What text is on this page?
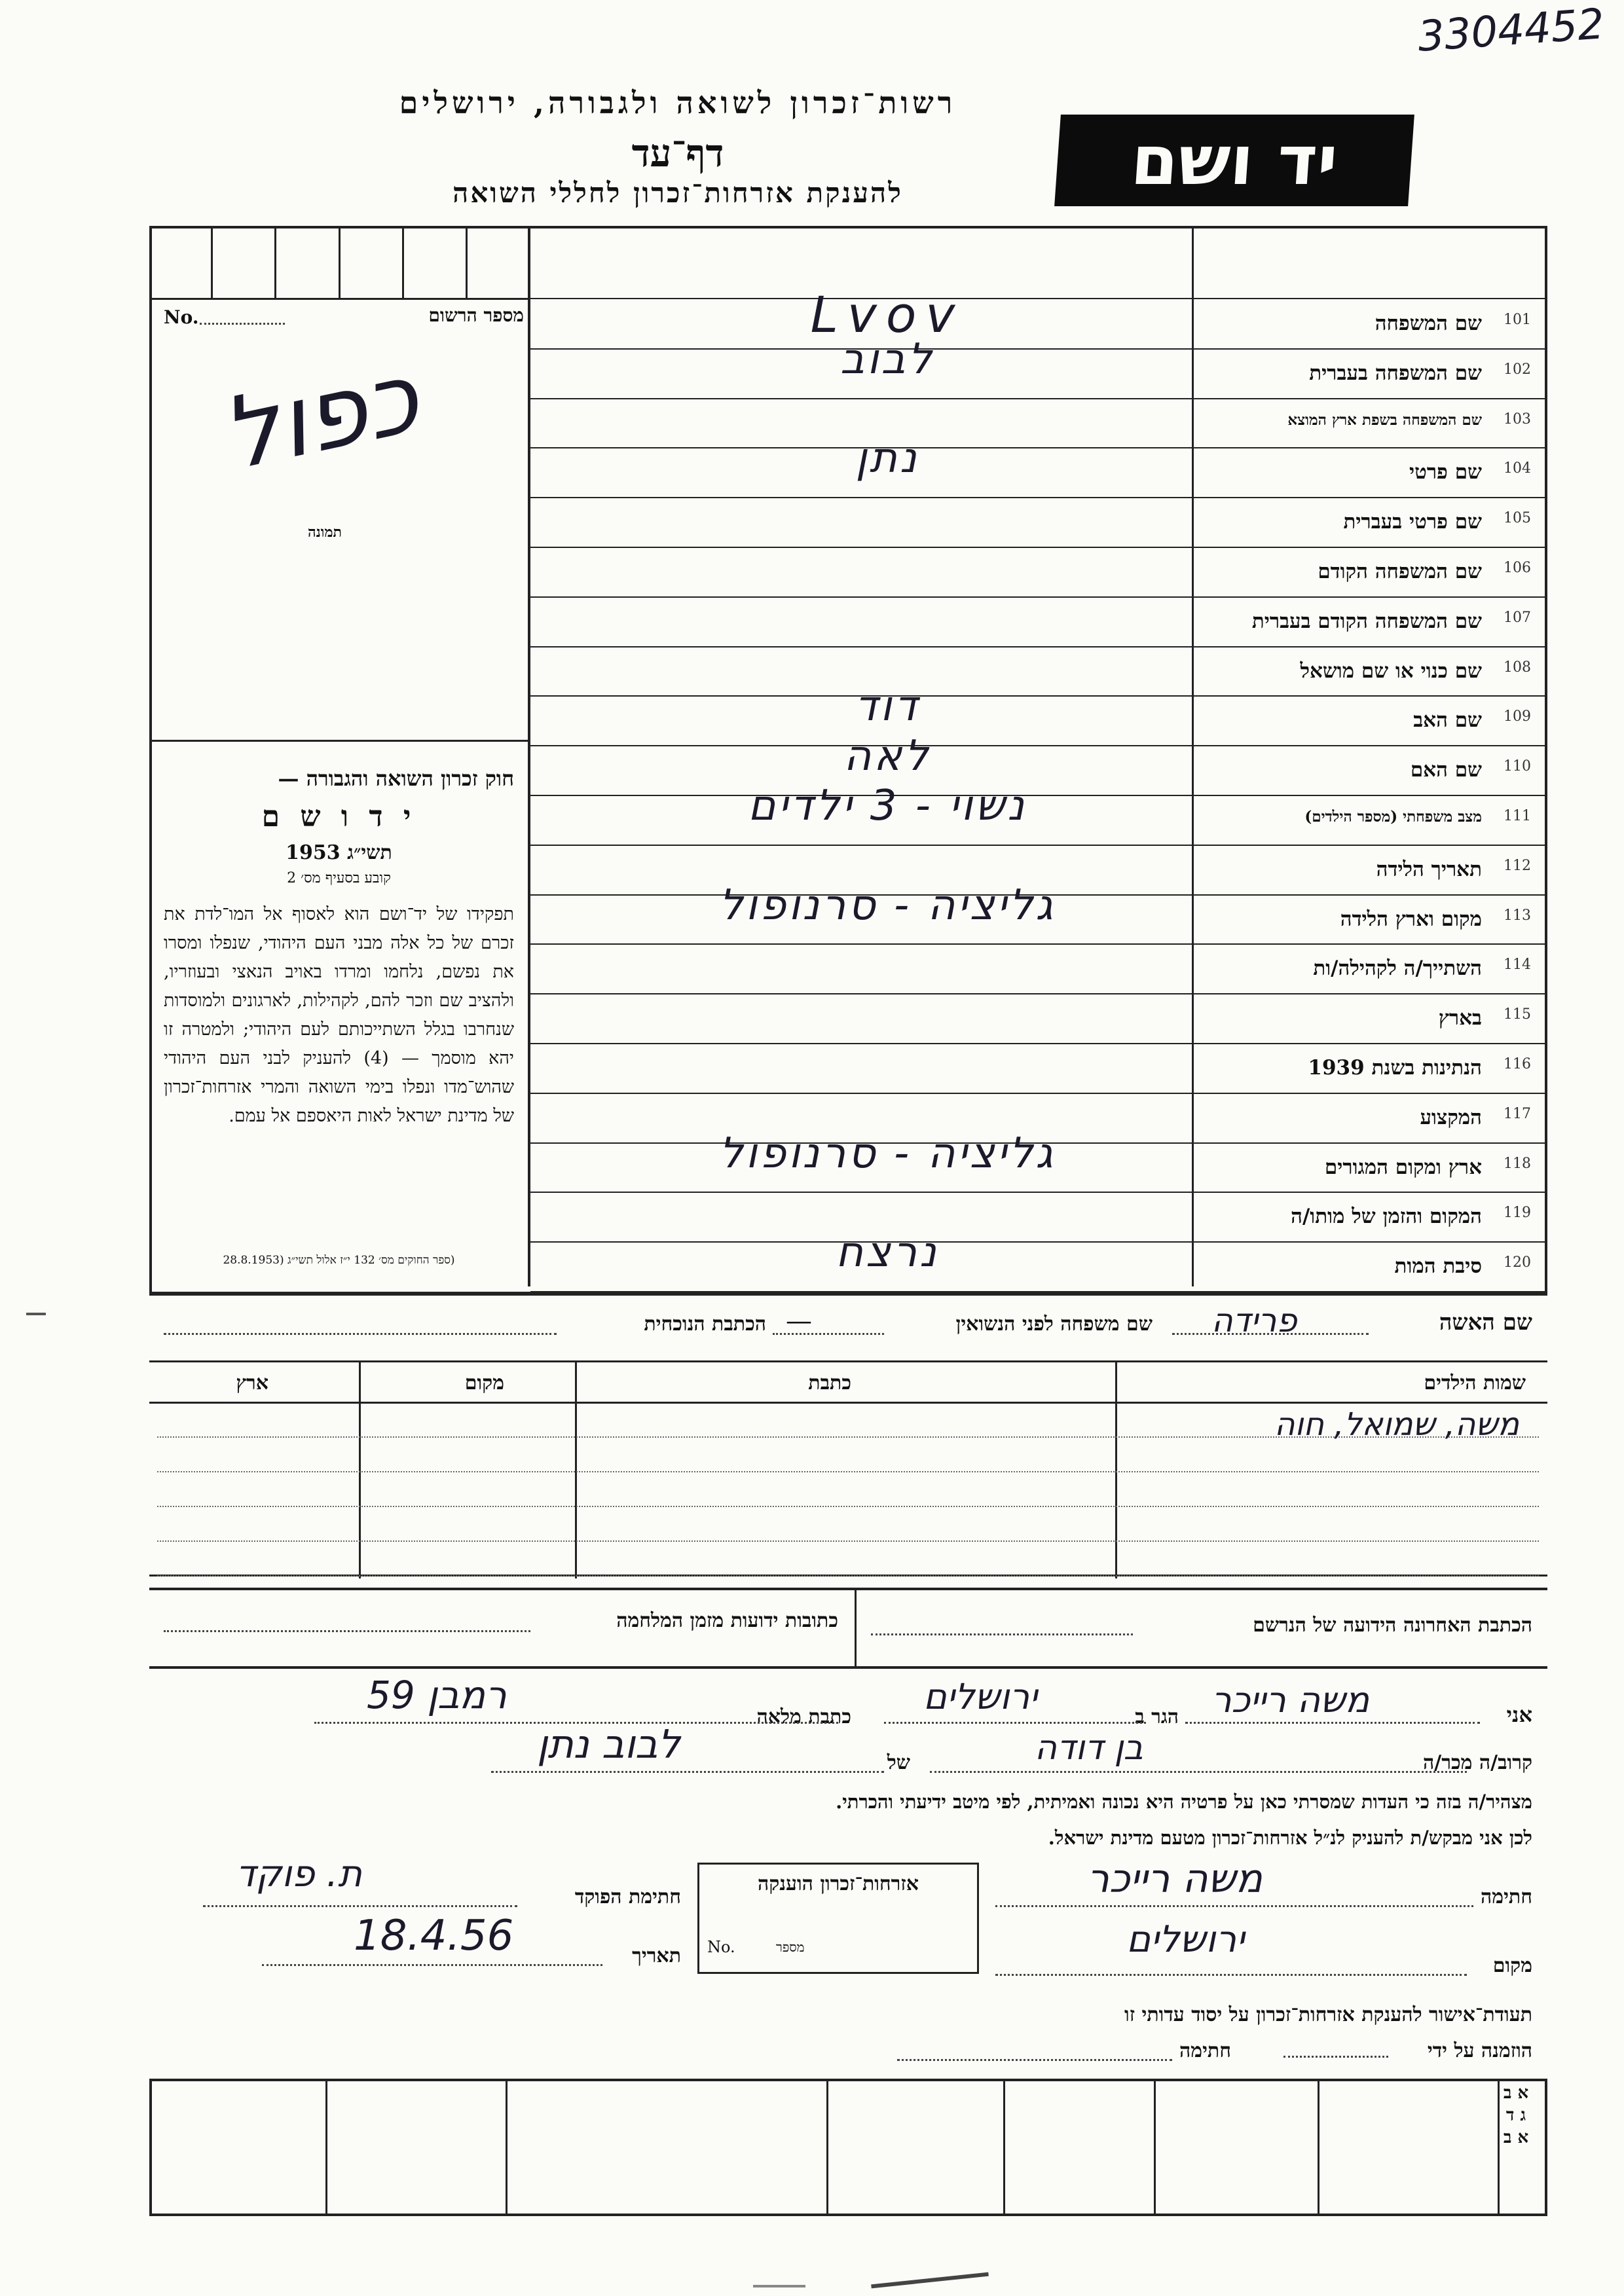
3304452
רשות־זכרון לשואה ולגבורה, ירושלים
דף־עד
להענקת אזרחות־זכרון לחללי השואה	יד ושם
מספר הרשום
No.
כפול
תמונה
חוק זכרון השואה והגבורה —
י ד ו ש ם
תשי״ג 1953
קובע בסעיף מס׳ 2
תפקידו של יד־ושם הוא לאסוף אל המו־לדת את זכרם של כל אלה מבני העם היהודי, שנפלו ומסרו את נפשם, נלחמו ומרדו באויב הנאצי ובעוזריו, ולהציב שם וזכר להם, לקהילות, לארגונים ולמוסדות שנחרבו בגלל השתייכותם לעם היהודי; ולמטרה זו יהא מוסמך — (4) להעניק לבני העם היהודי שהוש־מדו ונפלו בימי השואה והמרי אזרחות־זכרון של מדינת ישראל לאות היאספם אל עמם.
(ספר החוקים מס׳ 132 י״ז אלול תשי״ג (28.8.1953
101
שם המשפחה
Lvov
102
שם המשפחה בעברית
לבוב
103
שם המשפחה בשפת ארץ המוצא
104
שם פרטי
נתן
105
שם פרטי בעברית
106
שם המשפחה הקודם
107
שם המשפחה הקודם בעברית
108
שם כנוי או שם מושאל
109
שם האב
דוד
110
שם האם
לאה
111
מצב משפחתי (מספר הילדים)
נשוי - 3 ילדים
112
תאריך הלידה
113
מקום וארץ הלידה
גליציה - סרנופול
114
השתייך/ה לקהילה/ות
115
בארץ
116
הנתינות בשנת 1939
117
המקצוע
118
ארץ ומקום המגורים
גליציה - סרנופול
119
המקום והזמן של מותו/ה
120
סיבת המות
נרצח
שם האשה
פרידה
שם משפחה לפני הנשואין
—
הכתבת הנוכחית
שמות הילדים
כתבת
מקום
ארץ
משה, שמואל, חוה
הכתבת האחרונה הידועה של הנרשם
כתובות ידועות מזמן המלחמה
אני
משה רייכר
הגר ב
ירושלים
כתבת מלאה
רמבן 59
קרוב/ה מכר/ה
בן דודה
של
לבוב נתן
מצהיר/ה בזה כי העדות שמסרתי כאן על פרטיה היא נכונה ואמיתית, לפי מיטב ידיעתי והכרתי.
לכן אני מבקש/ת להעניק לנ״ל אזרחות־זכרון מטעם מדינת ישראל.
חתימה
משה רייכר
מקום
ירושלים
חתימת הפוקד
ת. פוקד
תאריך
18.4.56
אזרחות־זכרון הוענקה
No.	מספר
תעודת־אישור להענקת אזרחות־זכרון על יסוד עדותי זו
הוזמנה על ידי
חתימה
א ב ג ד א ב
